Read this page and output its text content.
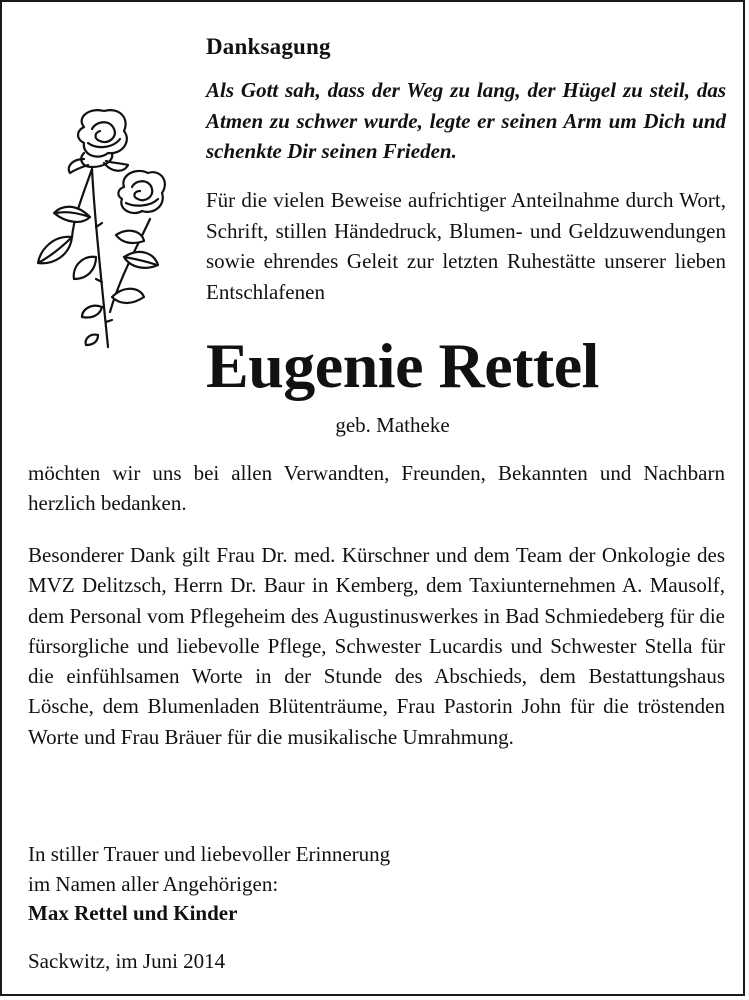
Danksagung
Als Gott sah, dass der Weg zu lang, der Hügel zu steil, das Atmen zu schwer wurde, legte er seinen Arm um Dich und schenkte Dir seinen Frieden.
Für die vielen Beweise aufrichtiger Anteilnahme durch Wort, Schrift, stillen Händedruck, Blumen- und Geldzuwendungen sowie ehrendes Geleit zur letzten Ruhestätte unserer lieben Entschlafenen
Eugenie Rettel
geb. Matheke
möchten wir uns bei allen Verwandten, Freunden, Bekannten und Nachbarn herzlich bedanken.
Besonderer Dank gilt Frau Dr. med. Kürschner und dem Team der Onkologie des MVZ Delitzsch, Herrn Dr. Baur in Kemberg, dem Taxiunternehmen A. Mausolf, dem Personal vom Pflegeheim des Augustinuswerkes in Bad Schmiedeberg für die fürsorgliche und liebevolle Pflege, Schwester Lucardis und Schwester Stella für die einfühlsamen Worte in der Stunde des Abschieds, dem Bestattungshaus Lösche, dem Blumenladen Blütenträume, Frau Pastorin John für die tröstenden Worte und Frau Bräuer für die musikalische Umrahmung.
In stiller Trauer und liebevoller Erinnerung
im Namen aller Angehörigen:
Max Rettel und Kinder
Sackwitz, im Juni 2014
